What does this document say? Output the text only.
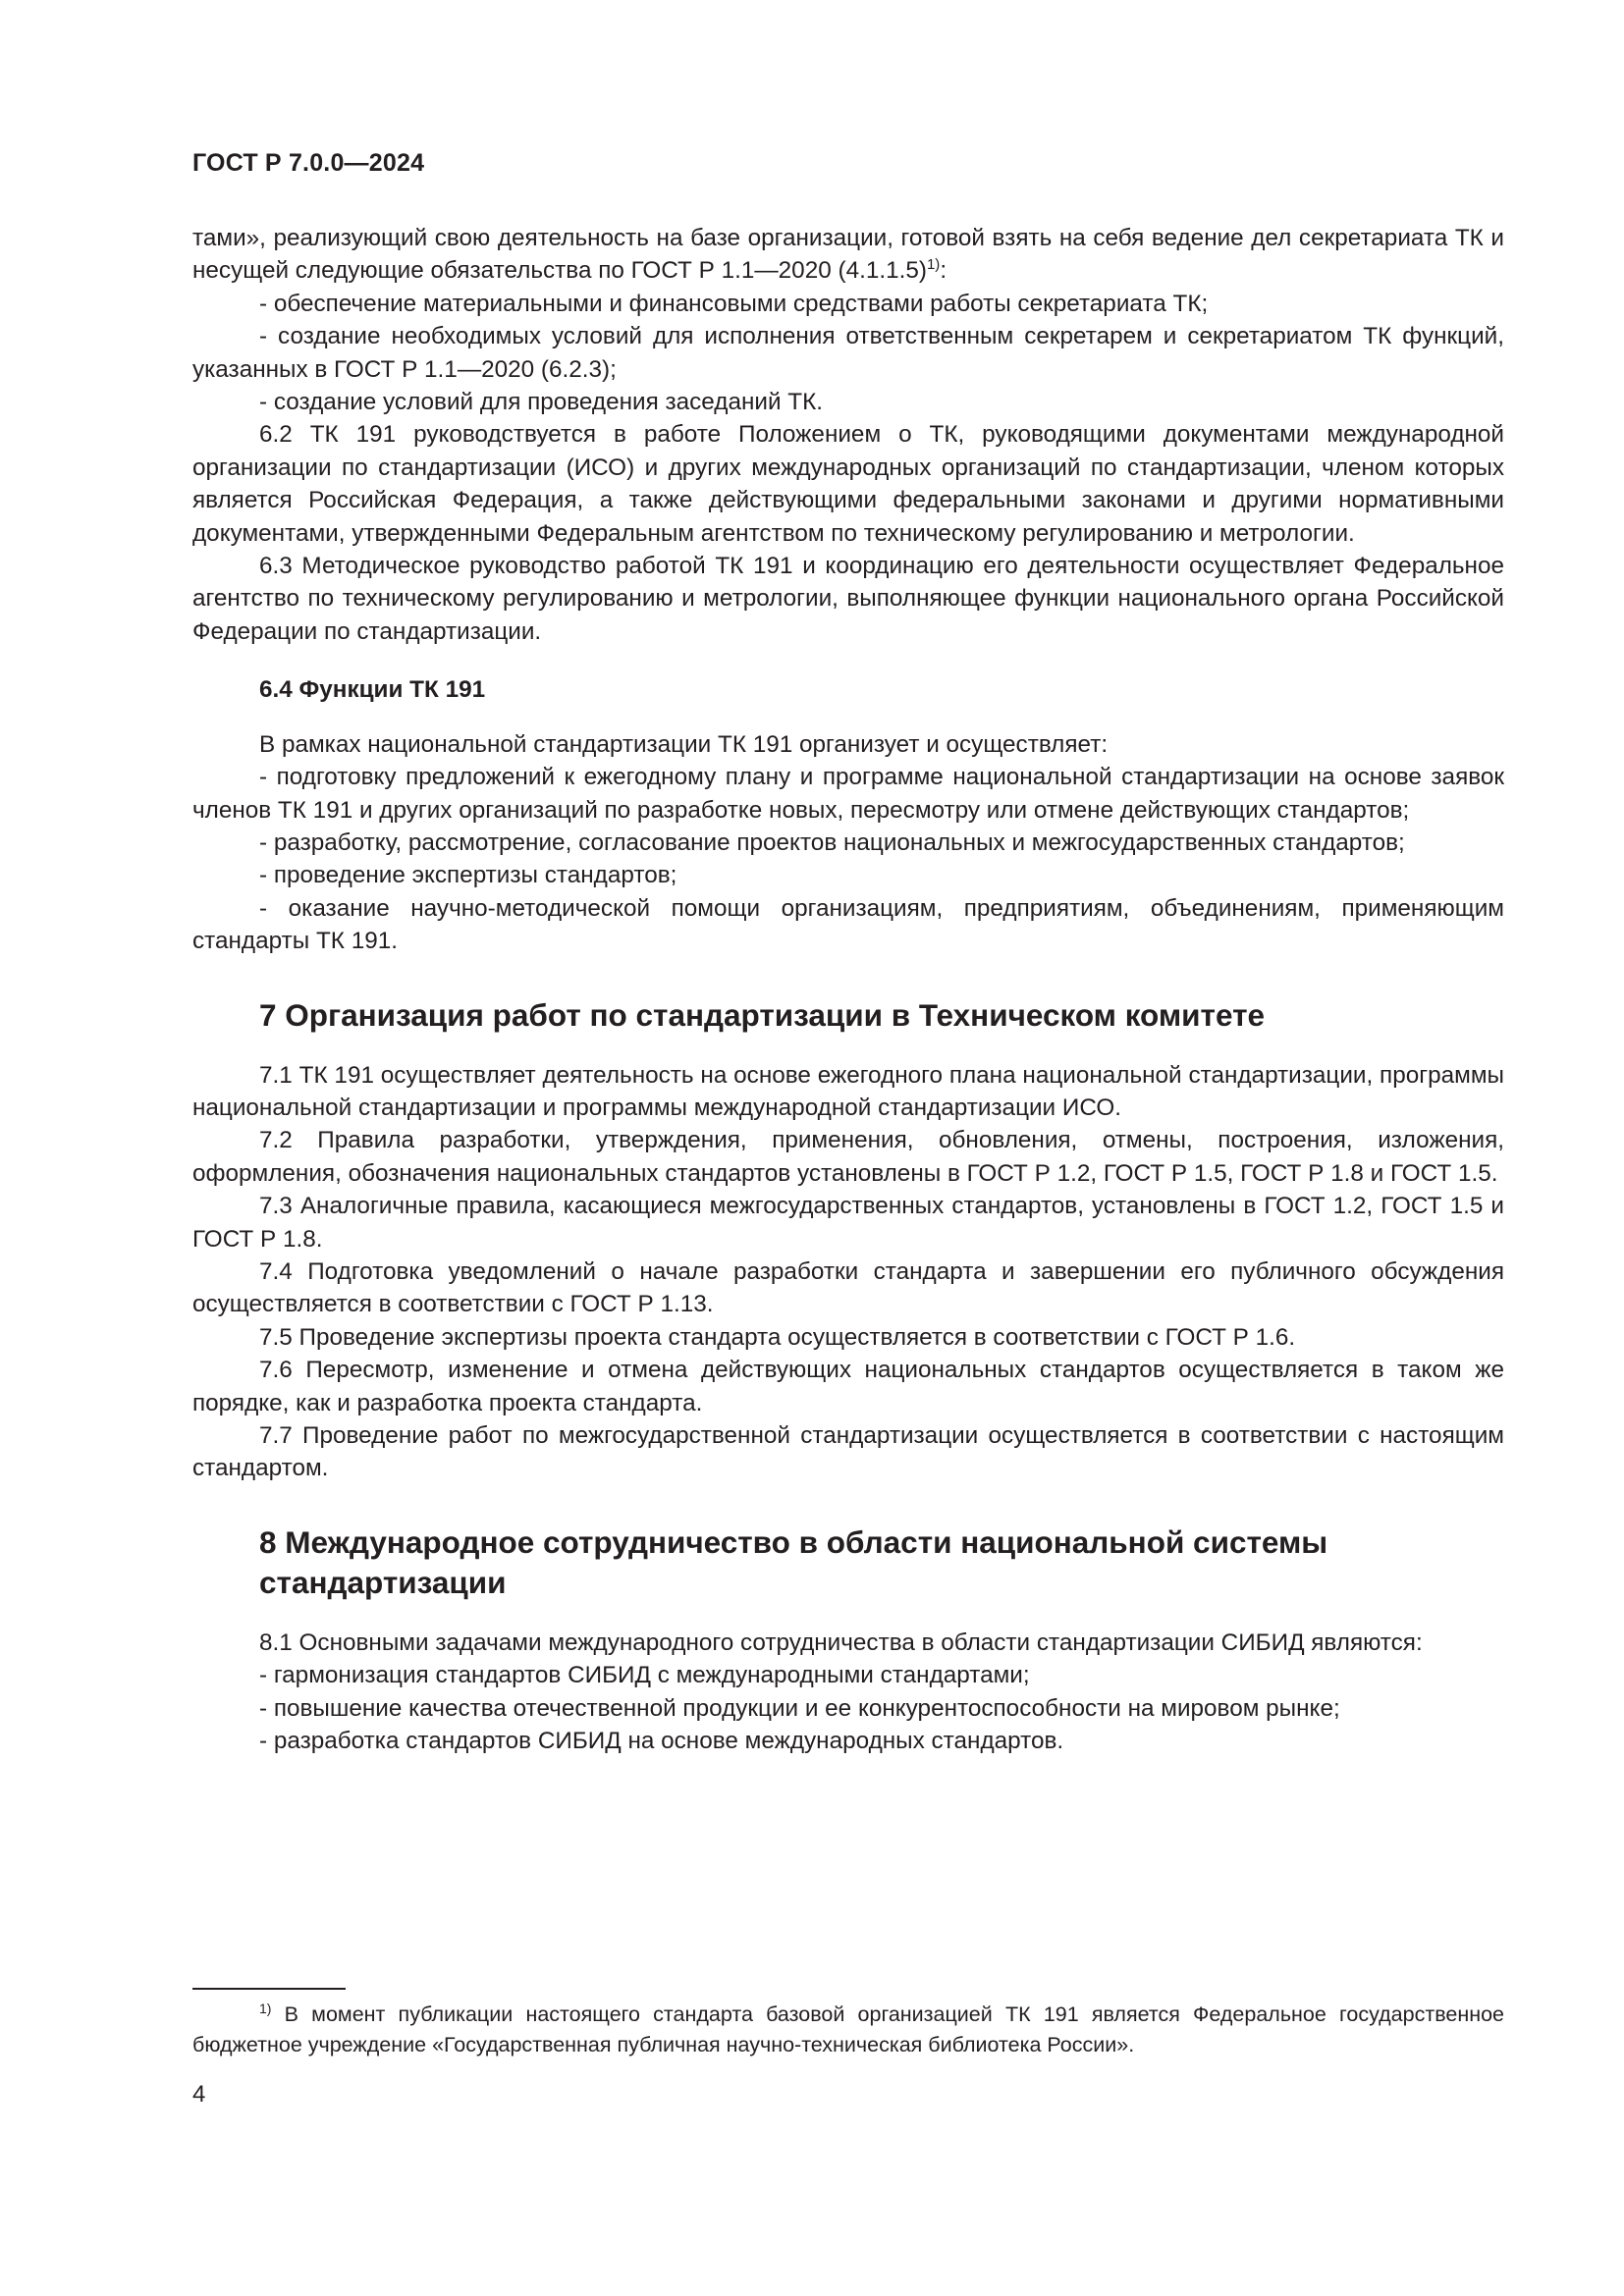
ГОСТ Р 7.0.0—2024

тами», реализующий свою деятельность на базе организации, готовой взять на себя ведение дел секретариата ТК и несущей следующие обязательства по ГОСТ Р 1.1—2020 $(4.1.1.5)^{1)}$:

- обеспечение материальными и финансовыми средствами работы секретариата ТК;

- создание необходимых условий для исполнения ответственным секретарем и секретариатом ТК функций, указанных в ГОСТ Р 1.1—2020 (6.2.3);

- создание условий для проведения заседаний ТК.

6.2 ТК 191 руководствуется в работе Положением о ТК, руководящими документами международной организации по стандартизации (ИСО) и других международных организаций по стандартизации, членом которых является Российская Федерация, а также действующими федеральными законами и другими нормативными документами, утвержденными Федеральным агентством по техническому регулированию и метрологии.

6.3 Методическое руководство работой ТК 191 и координацию его деятельности осуществляет Федеральное агентство по техническому регулированию и метрологии, выполняющее функции национального органа Российской Федерации по стандартизации.

6.4 Функции ТК 191

В рамках национальной стандартизации ТК 191 организует и осуществляет:

- подготовку предложений к ежегодному плану и программе национальной стандартизации на основе заявок членов ТК 191 и других организаций по разработке новых, пересмотру или отмене действующих стандартов;

- разработку, рассмотрение, согласование проектов национальных и межгосударственных стандартов;

- проведение экспертизы стандартов;

- оказание научно-методической помощи организациям, предприятиям, объединениям, применяющим стандарты ТК 191.

7 Организация работ по стандартизации в Техническом комитете

7.1 ТК 191 осуществляет деятельность на основе ежегодного плана национальной стандартизации, программы национальной стандартизации и программы международной стандартизации ИСО.

7.2 Правила разработки, утверждения, применения, обновления, отмены, построения, изложения, оформления, обозначения национальных стандартов установлены в ГОСТ Р 1.2, ГОСТ Р 1.5, ГОСТ Р 1.8 и ГОСТ 1.5.

7.3 Аналогичные правила, касающиеся межгосударственных стандартов, установлены в ГОСТ 1.2, ГОСТ 1.5 и ГОСТ Р 1.8.

7.4 Подготовка уведомлений о начале разработки стандарта и завершении его публичного обсуждения осуществляется в соответствии с ГОСТ Р 1.13.

7.5 Проведение экспертизы проекта стандарта осуществляется в соответствии с ГОСТ Р 1.6.

7.6 Пересмотр, изменение и отмена действующих национальных стандартов осуществляется в таком же порядке, как и разработка проекта стандарта.

7.7 Проведение работ по межгосударственной стандартизации осуществляется в соответствии с настоящим стандартом.

8 Международное сотрудничество в области национальной системы стандартизации

8.1 Основными задачами международного сотрудничества в области стандартизации СИБИД являются:

- гармонизация стандартов СИБИД с международными стандартами;

- повышение качества отечественной продукции и ее конкурентоспособности на мировом рынке;

- разработка стандартов СИБИД на основе международных стандартов.

$^{1)}$ В момент публикации настоящего стандарта базовой организацией ТК 191 является Федеральное государственное бюджетное учреждение «Государственная публичная научно-техническая библиотека России».

4
